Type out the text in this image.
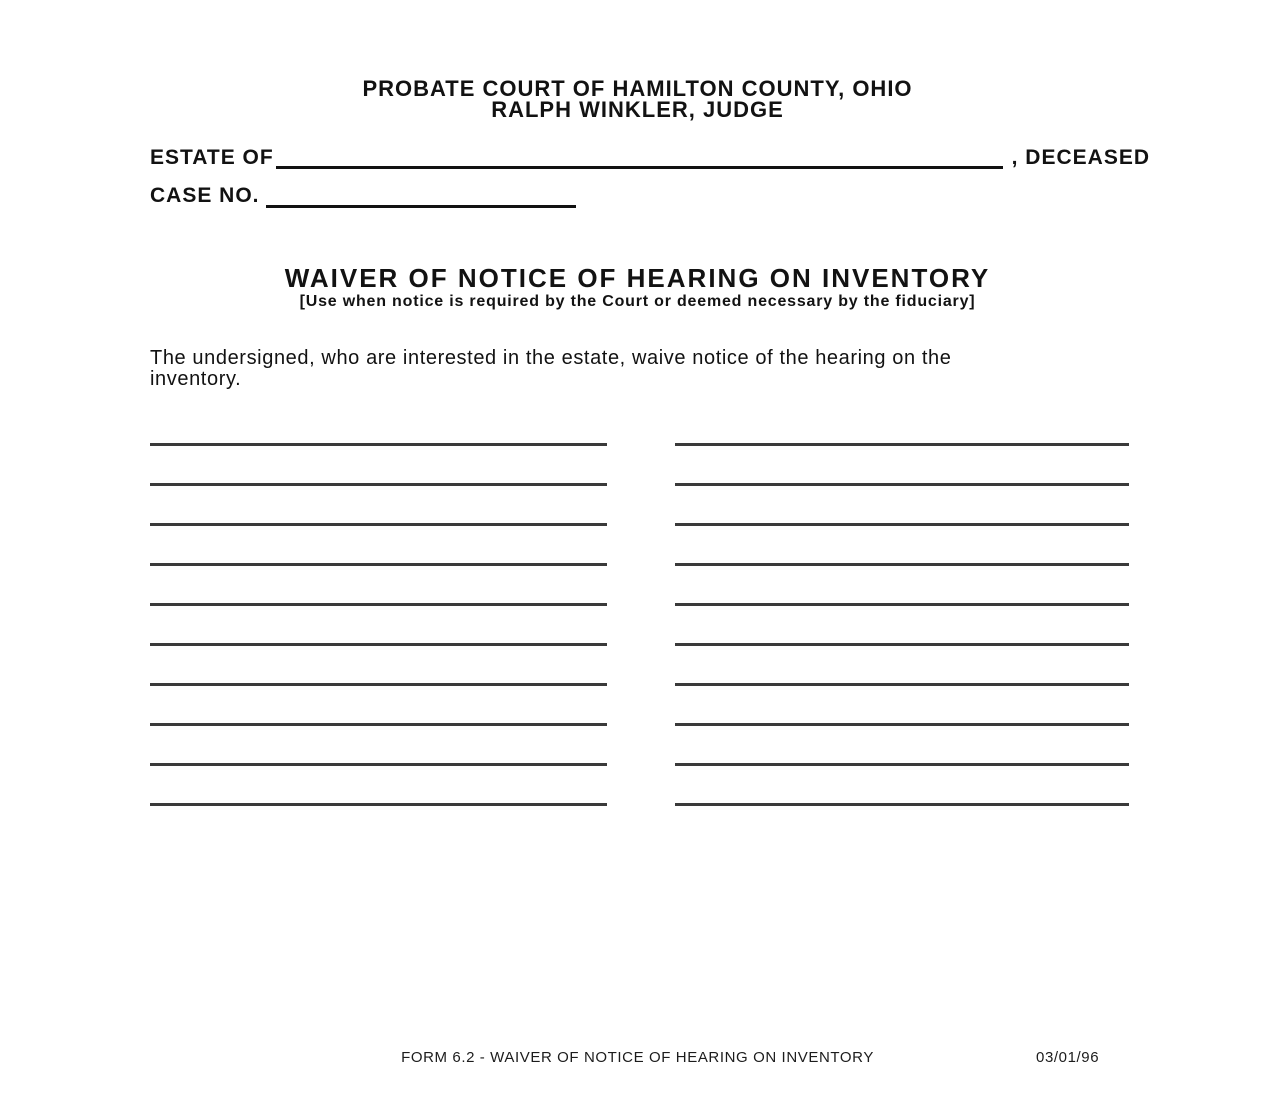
PROBATE COURT OF HAMILTON COUNTY, OHIO
RALPH WINKLER, JUDGE
ESTATE OF	, DECEASED
CASE NO.
WAIVER OF NOTICE OF HEARING ON INVENTORY
[Use when notice is required by the Court or deemed necessary by the fiduciary]
The undersigned, who are interested in the estate, waive notice of the hearing on the
inventory.
FORM 6.2 - WAIVER OF NOTICE OF HEARING ON INVENTORY	03/01/96
